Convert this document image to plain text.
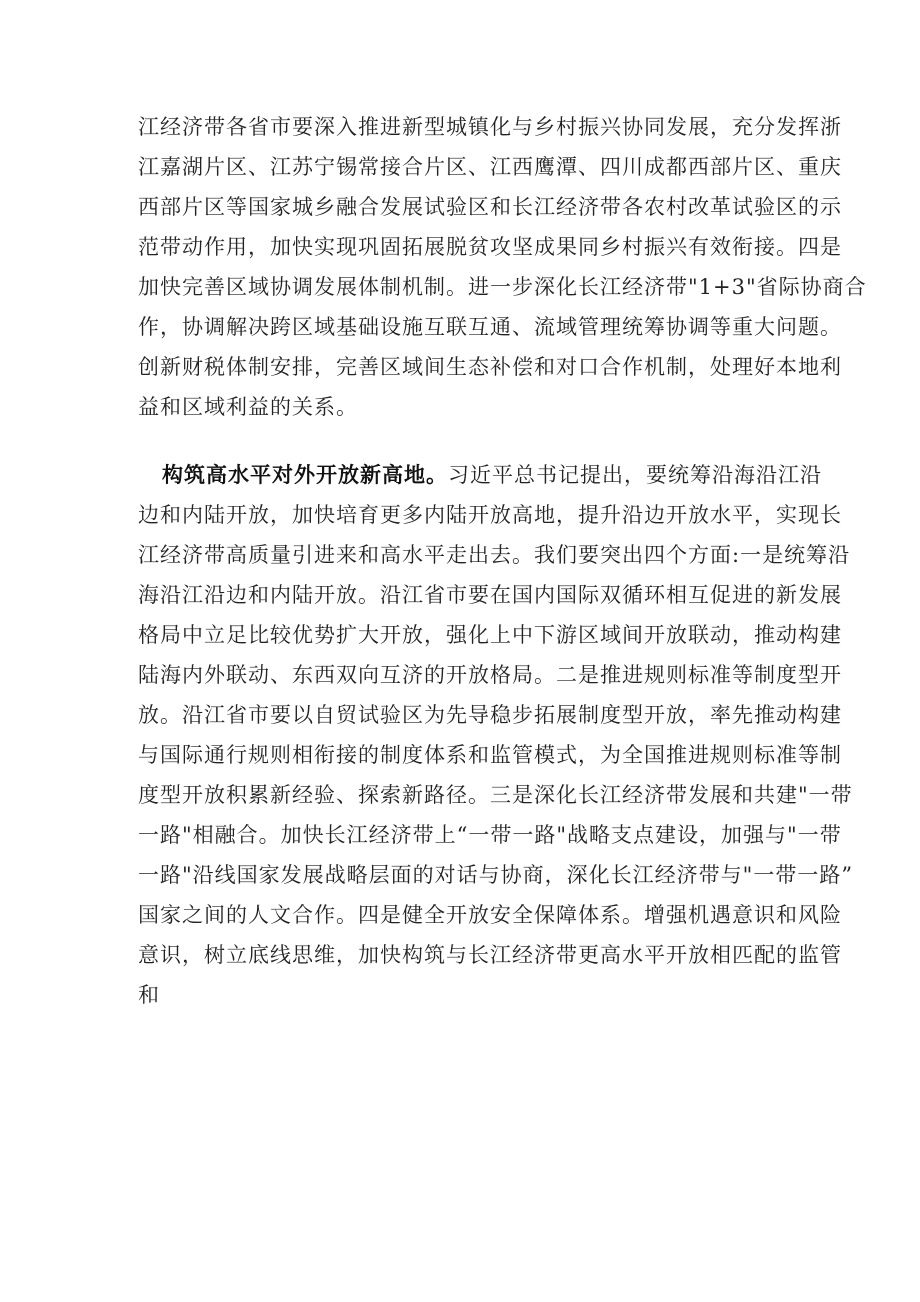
江经济带各省市要深入推进新型城镇化与乡村振兴协同发展，充分发挥浙
江嘉湖片区、江苏宁锡常接合片区、江西鹰潭、四川成都西部片区、重庆
西部片区等国家城乡融合发展试验区和长江经济带各农村改革试验区的示
范带动作用，加快实现巩固拓展脱贫攻坚成果同乡村振兴有效衔接。四是
加快完善区域协调发展体制机制。进一步深化长江经济带"1+3"省际协商合
作，协调解决跨区域基础设施互联互通、流域管理统筹协调等重大问题。
创新财税体制安排，完善区域间生态补偿和对口合作机制，处理好本地利
益和区域利益的关系。
构筑高水平对外开放新高地。习近平总书记提出，要统筹沿海沿江沿
边和内陆开放，加快培育更多内陆开放高地，提升沿边开放水平，实现长
江经济带高质量引进来和高水平走出去。我们要突出四个方面:一是统筹沿
海沿江沿边和内陆开放。沿江省市要在国内国际双循环相互促进的新发展
格局中立足比较优势扩大开放，强化上中下游区域间开放联动，推动构建
陆海内外联动、东西双向互济的开放格局。二是推进规则标准等制度型开
放。沿江省市要以自贸试验区为先导稳步拓展制度型开放，率先推动构建
与国际通行规则相衔接的制度体系和监管模式，为全国推进规则标准等制
度型开放积累新经验、探索新路径。三是深化长江经济带发展和共建"一带
一路"相融合。加快长江经济带上“一带一路"战略支点建设，加强与"一带
一路"沿线国家发展战略层面的对话与协商，深化长江经济带与"一带一路”
国家之间的人文合作。四是健全开放安全保障体系。增强机遇意识和风险
意识，树立底线思维，加快构筑与长江经济带更高水平开放相匹配的监管
和
